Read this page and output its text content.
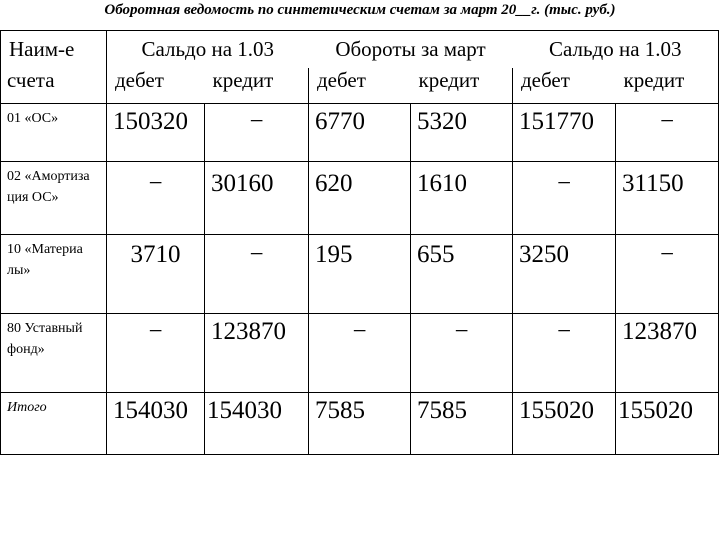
Оборотная ведомость по синтетическим счетам за март 20__г. (тыс. руб.)
Наим-е	Сальдо на 1.03		Обороты за март		Сальдо на 1.03	
счета	дебет	кредит	дебет	кредит	дебет	кредит
01 «ОС»	150320	−	6770	5320	151770	−
02 «Амортиза ция ОС»	−	30160	620	1610	−	31150
10 «Материа лы»	3710	−	195	655	3250	−
80 Уставный фонд»	−	123870	−	−	−	123870
Итого	154030	154030	7585	7585	155020	155020
